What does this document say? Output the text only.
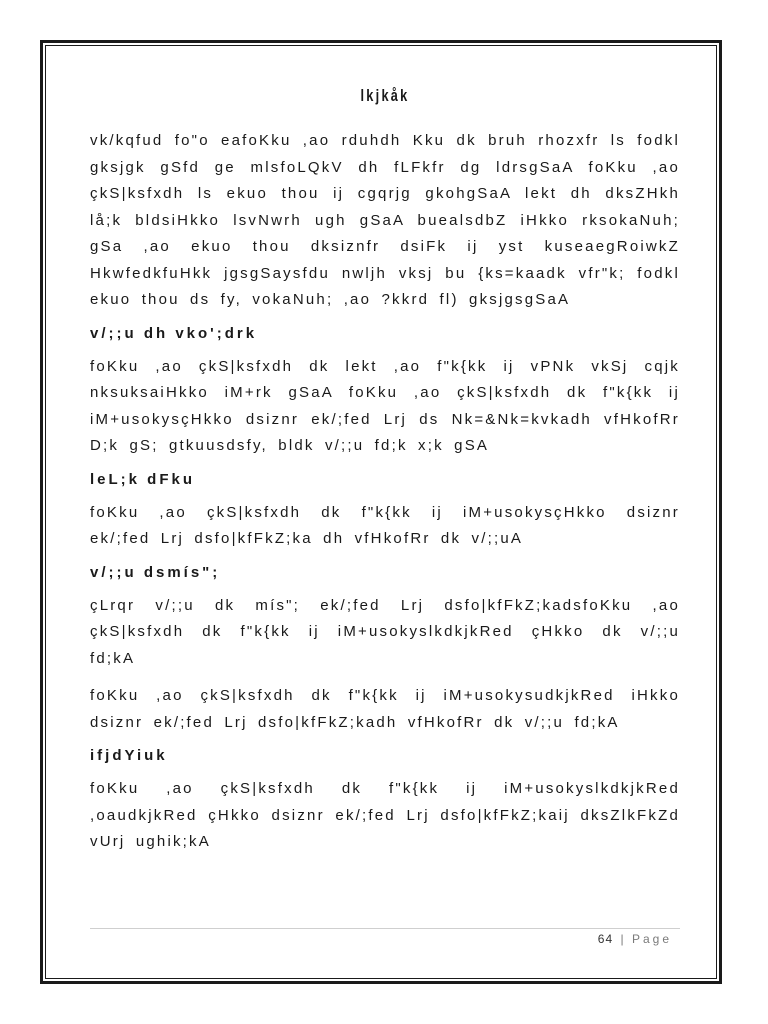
lkjkåk

vk/kqfud fo"o eafoKku ,ao rduhdh Kku dk bruh rhozxfr ls fodkl gksjgk gSfd ge mlsfoLQkV dh fLFkfr dg ldrsgSaA foKku ,ao çkS|ksfxdh ls ekuo thou ij cgqrjg gkohgSaA lekt dh dksZHkh lå;k bldsiHkko lsvNwrh ugh gSaA buealsdbZ iHkko rksokaNuh; gSa ,ao ekuo thou dksiznfr dsiFk ij yst kuseaegRoiwkZ HkwfedkfuHkk jgsgSaysfdu nwljh vksj bu {ks=kaadk vfr"k; fodkl ekuo thou ds fy, vokaNuh; ,ao ?kkrd fl) gksjgsgSaA

v/;;u dh vko';drk

foKku ,ao çkS|ksfxdh dk lekt ,ao f"k{kk ij vPNk vkSj cqjk nksuksaiHkko iM+rk gSaA foKku ,ao çkS|ksfxdh dk f"k{kk ij iM+usokysçHkko dsiznr ek/;fed Lrj ds Nk=&Nk=kvkadh vfHkofRr D;k gS; gtkuusdsfy, bldk v/;;u fd;k x;k gSA

leL;k dFku

foKku ,ao çkS|ksfxdh dk f"k{kk ij iM+usokysçHkko dsiznr ek/;fed Lrj dsfo|kfFkZ;ka dh vfHkofRr dk v/;;uA

v/;;u dsmís";

çLrqr v/;;u dk mís"; ek/;fed Lrj dsfo|kfFkZ;kadsfoKku ,ao çkS|ksfxdh dk f"k{kk ij iM+usokyslkdkjkRed çHkko dk v/;;u fd;kA

foKku ,ao çkS|ksfxdh dk f"k{kk ij iM+usokysudkjkRed iHkko dsiznr ek/;fed Lrj dsfo|kfFkZ;kadh vfHkofRr dk v/;;u fd;kA

ifjdYiuk

foKku ,ao çkS|ksfxdh dk f"k{kk ij iM+usokyslkdkjkRed ,oaudkjkRed çHkko dsiznr ek/;fed Lrj dsfo|kfFkZ;kaij dksZlkFkZd vUrj ughik;kA

64 | Page
